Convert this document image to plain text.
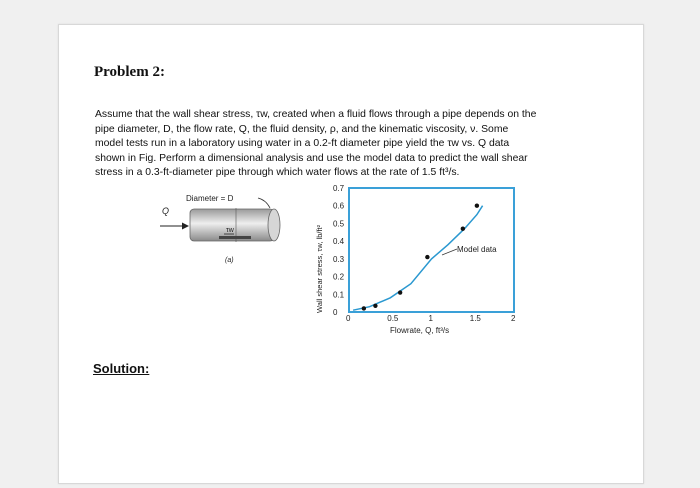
Problem 2:
Assume that the wall shear stress, τw, created when a fluid flows through a pipe depends on the
pipe diameter, D, the flow rate, Q, the fluid density, ρ, and the kinematic viscosity, ν. Some
model tests run in a laboratory using water in a 0.2-ft diameter pipe yield the τw vs. Q data
shown in Fig. Perform a dimensional analysis and use the model data to predict the wall shear
stress in a 0.3-ft-diameter pipe through which water flows at the rate of 1.5 ft³/s.
Diameter = D
Q
τw
(a)
0
0.1
0.2
0.3
0.4
0.5
0.6
0.7
0	0.5	1	1.5	2
Model data
Flowrate, Q, ft³/s
Wall shear stress, τw, lb/ft²
Solution:
